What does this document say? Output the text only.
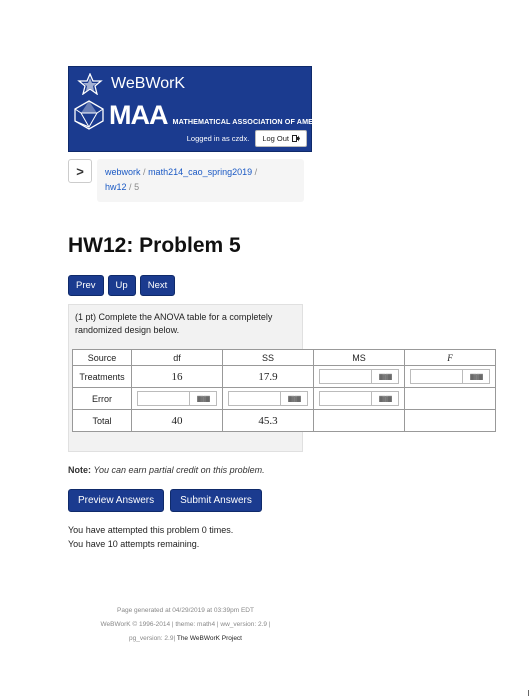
WeBWorK
MAA MATHEMATICAL ASSOCIATION OF AMERICA
Logged in as czdx. Log Out
>	webwork / math214_cao_spring2019 /
hw12 / 5
HW12: Problem 5
Prev	Up	Next
(1 pt) Complete the ANOVA table for a completely randomized design below.
Source	df	SS	MS	F
Treatments	16	17.9	▦▦	▦▦

Error	▦▦	▦▦	▦▦	

Total	40	45.3		
Note: You can earn partial credit on this problem.
Preview Answers	Submit Answers
You have attempted this problem 0 times.
You have 10 attempts remaining.
Page generated at 04/29/2019 at 03:39pm EDT
WeBWorK © 1996-2014 | theme: math4 | ww_version: 2.9 |
pg_version: 2.9| The WeBWorK Project
